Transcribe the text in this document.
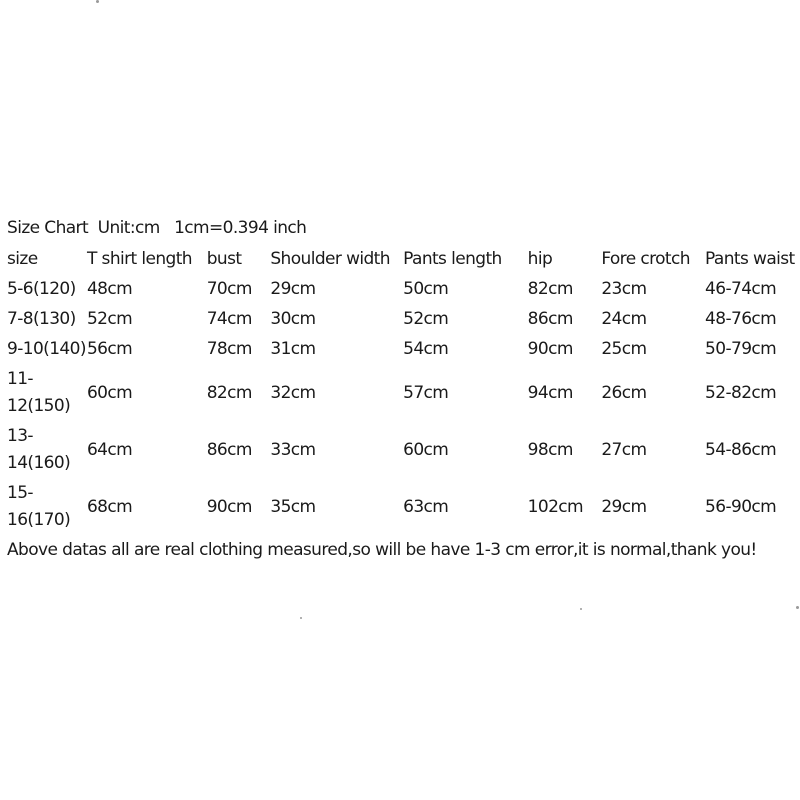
Size Chart  Unit:cm   1cm=0.394 inch
size	T shirt length	bust	Shoulder width	Pants length	hip	Fore crotch	Pants waist
5-6(120)	48cm	70cm	29cm	50cm	82cm	23cm	46-74cm
7-8(130)	52cm	74cm	30cm	52cm	86cm	24cm	48-76cm
9-10(140)	56cm	78cm	31cm	54cm	90cm	25cm	50-79cm
11-12(150)	60cm	82cm	32cm	57cm	94cm	26cm	52-82cm
13-14(160)	64cm	86cm	33cm	60cm	98cm	27cm	54-86cm
15-16(170)	68cm	90cm	35cm	63cm	102cm	29cm	56-90cm
Above datas all are real clothing measured,so will be have 1-3 cm error,it is normal,thank you!
